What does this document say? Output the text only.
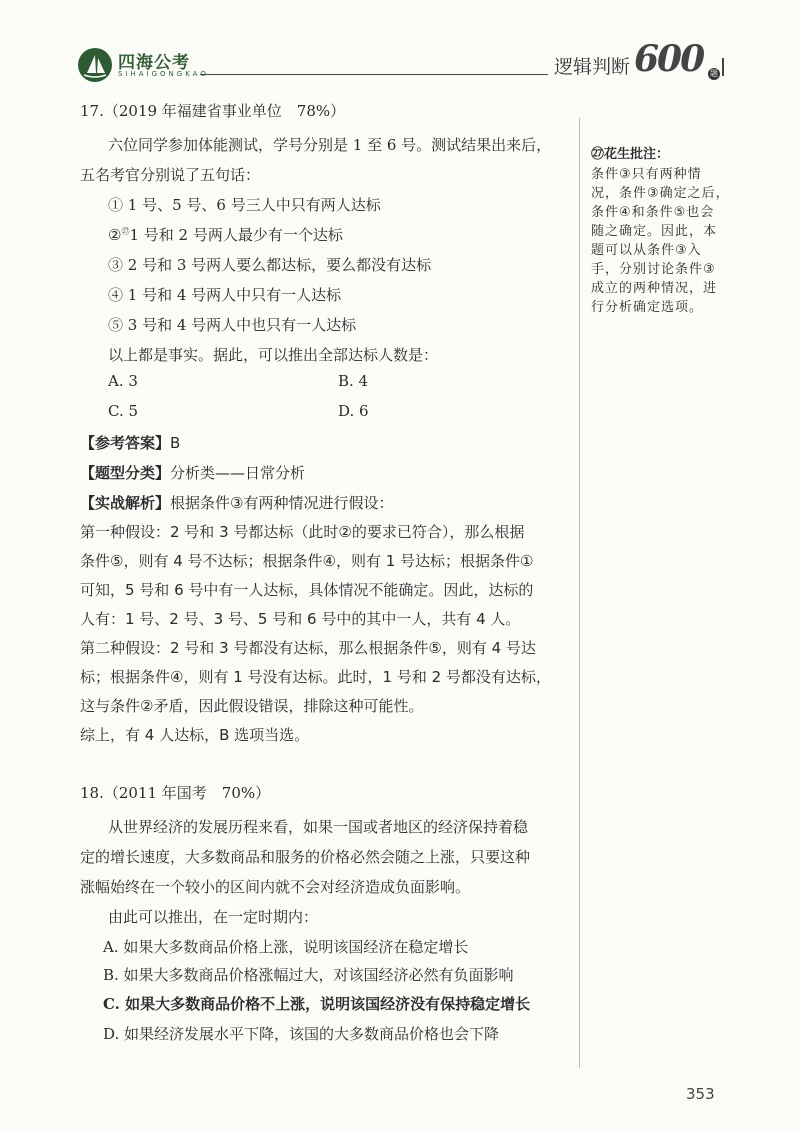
四海公考
SIHAIGONGKAO	逻辑判断 600 题
17.（2019 年福建省事业单位　78%）
六位同学参加体能测试，学号分别是 1 至 6 号。测试结果出来后，
五名考官分别说了五句话：
① 1 号、5 号、6 号三人中只有两人达标
②$^㉗$1 号和 2 号两人最少有一个达标
③ 2 号和 3 号两人要么都达标，要么都没有达标
④ 1 号和 4 号两人中只有一人达标
⑤ 3 号和 4 号两人中也只有一人达标
以上都是事实。据此，可以推出全部达标人数是：
A. 3	B. 4
C. 5	D. 6
【参考答案】B
【题型分类】分析类——日常分析
【实战解析】根据条件③有两种情况进行假设：
第一种假设：2 号和 3 号都达标（此时②的要求已符合），那么根据
条件⑤，则有 4 号不达标；根据条件④，则有 1 号达标；根据条件①
可知，5 号和 6 号中有一人达标，具体情况不能确定。因此，达标的
人有：1 号、2 号、3 号、5 号和 6 号中的其中一人，共有 4 人。
第二种假设：2 号和 3 号都没有达标，那么根据条件⑤，则有 4 号达
标；根据条件④，则有 1 号没有达标。此时，1 号和 2 号都没有达标，
这与条件②矛盾，因此假设错误，排除这种可能性。
综上，有 4 人达标，B 选项当选。
㉗花生批注：
条件③只有两种情
况，条件③确定之后，
条件④和条件⑤也会
随之确定。因此，本
题可以从条件③入
手，分别讨论条件③
成立的两种情况，进
行分析确定选项。
18.（2011 年国考　70%）
从世界经济的发展历程来看，如果一国或者地区的经济保持着稳
定的增长速度，大多数商品和服务的价格必然会随之上涨，只要这种
涨幅始终在一个较小的区间内就不会对经济造成负面影响。
由此可以推出，在一定时期内：
A. 如果大多数商品价格上涨，说明该国经济在稳定增长
B. 如果大多数商品价格涨幅过大，对该国经济必然有负面影响
C. 如果大多数商品价格不上涨，说明该国经济没有保持稳定增长
D. 如果经济发展水平下降，该国的大多数商品价格也会下降
353
